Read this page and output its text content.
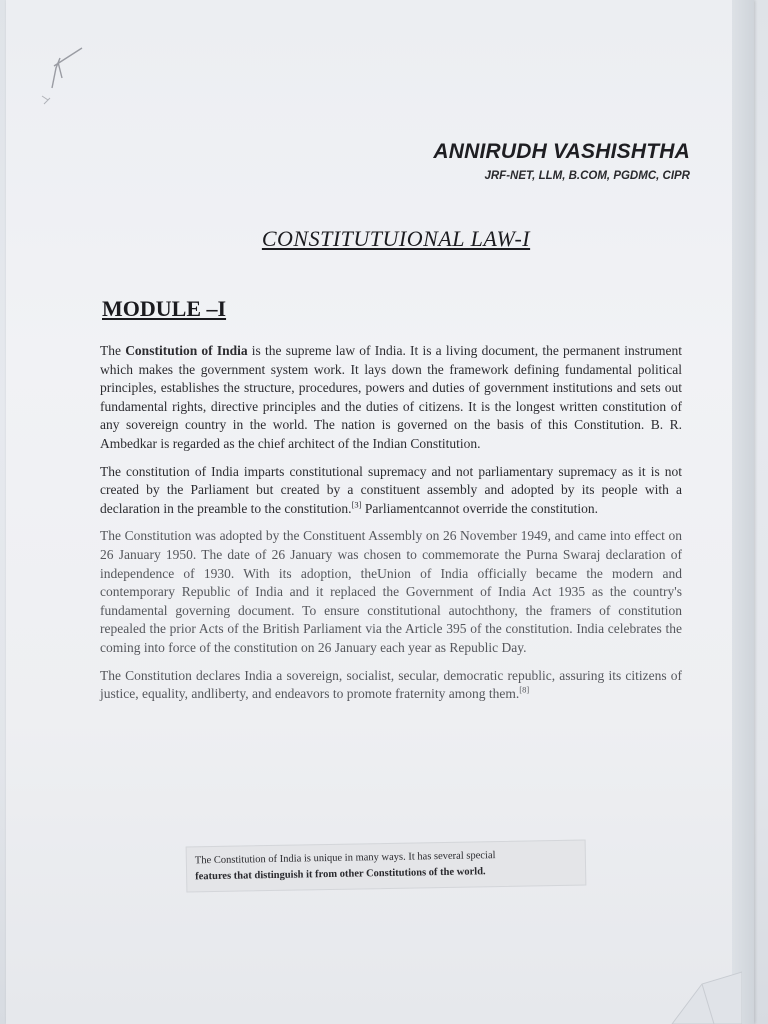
ANNIRUDH VASHISHTHA
JRF-NET, LLM, B.COM, PGDMC, CIPR
CONSTITUTUIONAL LAW-I
MODULE –I

The Constitution of India is the supreme law of India. It is a living document, the permanent instrument which makes the government system work. It lays down the framework defining fundamental political principles, establishes the structure, procedures, powers and duties of government institutions and sets out fundamental rights, directive principles and the duties of citizens. It is the longest written constitution of any sovereign country in the world. The nation is governed on the basis of this Constitution. B. R. Ambedkar is regarded as the chief architect of the Indian Constitution.

The constitution of India imparts constitutional supremacy and not parliamentary supremacy as it is not created by the Parliament but created by a constituent assembly and adopted by its people with a declaration in the preamble to the constitution.[3] Parliamentcannot override the constitution.

The Constitution was adopted by the Constituent Assembly on 26 November 1949, and came into effect on 26 January 1950. The date of 26 January was chosen to commemorate the Purna Swaraj declaration of independence of 1930. With its adoption, theUnion of India officially became the modern and contemporary Republic of India and it replaced the Government of India Act 1935 as the country's fundamental governing document. To ensure constitutional autochthony, the framers of constitution repealed the prior Acts of the British Parliament via the Article 395 of the constitution. India celebrates the coming into force of the constitution on 26 January each year as Republic Day.

The Constitution declares India a sovereign, socialist, secular, democratic republic, assuring its citizens of justice, equality, andliberty, and endeavors to promote fraternity among them.[8]

The Constitution of India is unique in many ways. It has several special
features that distinguish it from other Constitutions of the world.
